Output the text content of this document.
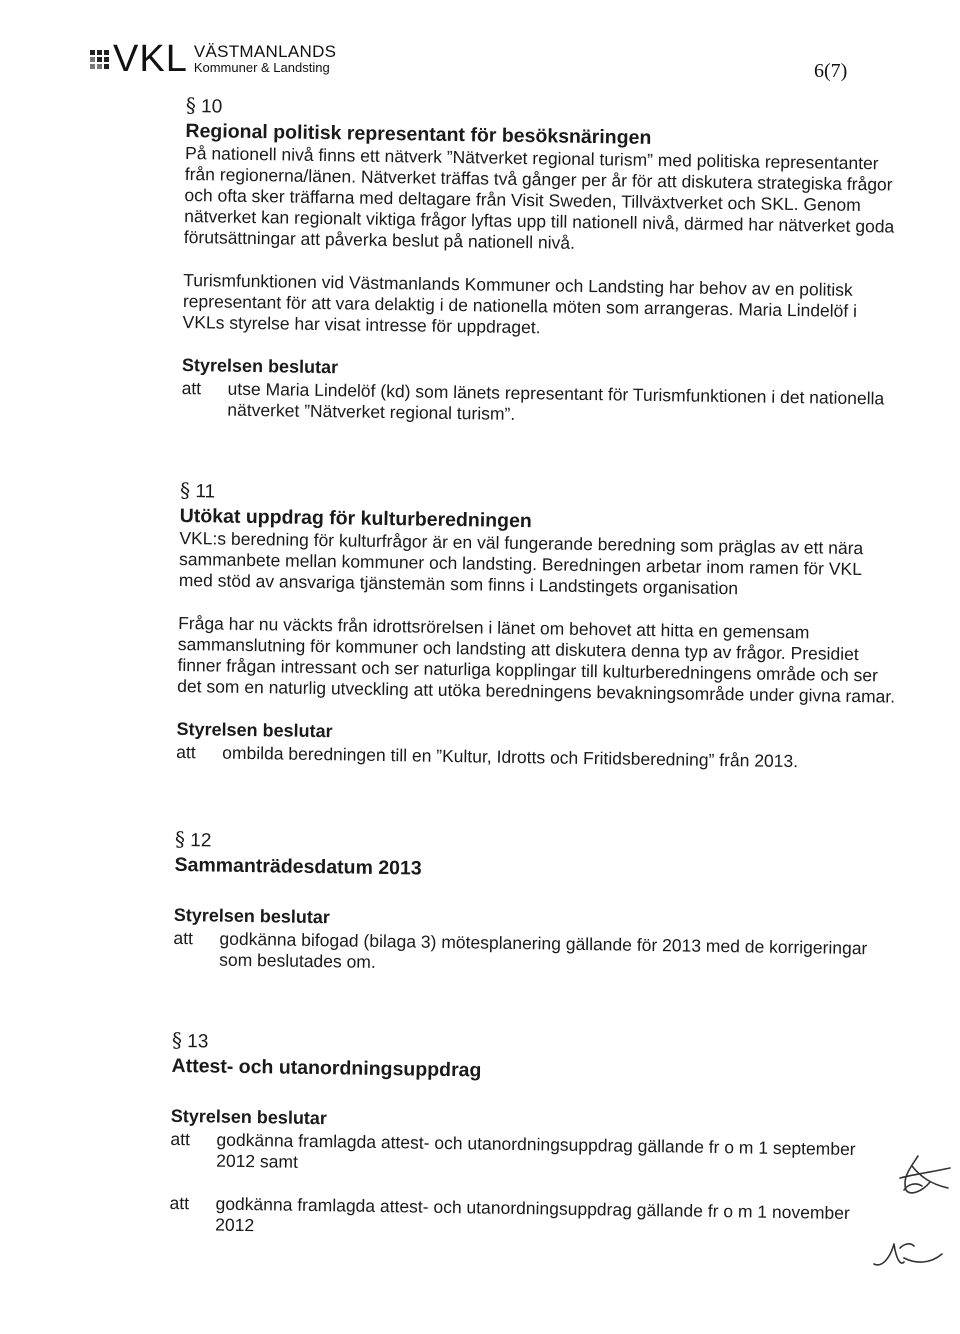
VKL VÄSTMANLANDS
Kommuner & Landsting	6(7)
§ 10
Regional politisk representant för besöksnäringen

På nationell nivå finns ett nätverk ”Nätverket regional turism” med politiska representanter från regionerna/länen. Nätverket träffas två gånger per år för att diskutera strategiska frågor och ofta sker träffarna med deltagare från Visit Sweden, Tillväxtverket och SKL. Genom nätverket kan regionalt viktiga frågor lyftas upp till nationell nivå, därmed har nätverket goda förutsättningar att påverka beslut på nationell nivå.

Turismfunktionen vid Västmanlands Kommuner och Landsting har behov av en politisk representant för att vara delaktig i de nationella möten som arrangeras. Maria Lindelöf i VKLs styrelse har visat intresse för uppdraget.

Styrelsen beslutar
att	utse Maria Lindelöf (kd) som länets representant för Turismfunktionen i det nationella nätverket ”Nätverket regional turism”.
§ 11
Utökat uppdrag för kulturberedningen

VKL:s beredning för kulturfrågor är en väl fungerande beredning som präglas av ett nära sammanbete mellan kommuner och landsting. Beredningen arbetar inom ramen för VKL med stöd av ansvariga tjänstemän som finns i Landstingets organisation

Fråga har nu väckts från idrottsrörelsen i länet om behovet att hitta en gemensam sammanslutning för kommuner och landsting att diskutera denna typ av frågor. Presidiet finner frågan intressant och ser naturliga kopplingar till kulturberedningens område och ser det som en naturlig utveckling att utöka beredningens bevakningsområde under givna ramar.

Styrelsen beslutar
att	ombilda beredningen till en ”Kultur, Idrotts och Fritidsberedning” från 2013.
§ 12
Sammanträdesdatum 2013
Styrelsen beslutar
att	godkänna bifogad (bilaga 3) mötesplanering gällande för 2013 med de korrigeringar som beslutades om.
§ 13
Attest- och utanordningsuppdrag
Styrelsen beslutar
att	godkänna framlagda attest- och utanordningsuppdrag gällande fr o m 1 september 2012 samt
att	godkänna framlagda attest- och utanordningsuppdrag gällande fr o m 1 november 2012
